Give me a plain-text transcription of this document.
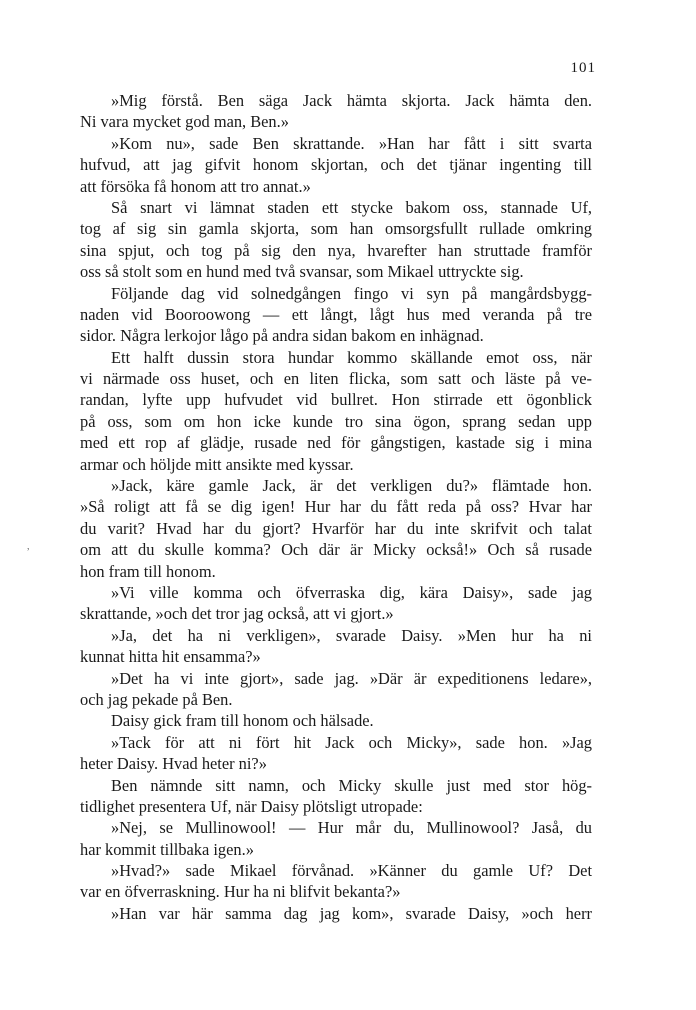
101
,
»Mig förstå. Ben säga Jack hämta skjorta. Jack hämta den.
Ni vara mycket god man, Ben.»
»Kom nu», sade Ben skrattande. »Han har fått i sitt svarta
hufvud, att jag gifvit honom skjortan, och det tjänar ingenting till
att försöka få honom att tro annat.»
Så snart vi lämnat staden ett stycke bakom oss, stannade Uf,
tog af sig sin gamla skjorta, som han omsorgsfullt rullade omkring
sina spjut, och tog på sig den nya, hvarefter han struttade framför
oss så stolt som en hund med två svansar, som Mikael uttryckte sig.
Följande dag vid solnedgången fingo vi syn på mangårdsbygg-
naden vid Booroowong — ett långt, lågt hus med veranda på tre
sidor. Några lerkojor lågo på andra sidan bakom en inhägnad.
Ett halft dussin stora hundar kommo skällande emot oss, när
vi närmade oss huset, och en liten flicka, som satt och läste på ve-
randan, lyfte upp hufvudet vid bullret. Hon stirrade ett ögonblick
på oss, som om hon icke kunde tro sina ögon, sprang sedan upp
med ett rop af glädje, rusade ned för gångstigen, kastade sig i mina
armar och höljde mitt ansikte med kyssar.
»Jack, käre gamle Jack, är det verkligen du?» flämtade hon.
»Så roligt att få se dig igen! Hur har du fått reda på oss? Hvar har
du varit? Hvad har du gjort? Hvarför har du inte skrifvit och talat
om att du skulle komma? Och där är Micky också!» Och så rusade
hon fram till honom.
»Vi ville komma och öfverraska dig, kära Daisy», sade jag
skrattande, »och det tror jag också, att vi gjort.»
»Ja, det ha ni verkligen», svarade Daisy. »Men hur ha ni
kunnat hitta hit ensamma?»
»Det ha vi inte gjort», sade jag. »Där är expeditionens ledare»,
och jag pekade på Ben.
Daisy gick fram till honom och hälsade.
»Tack för att ni fört hit Jack och Micky», sade hon. »Jag
heter Daisy. Hvad heter ni?»
Ben nämnde sitt namn, och Micky skulle just med stor hög-
tidlighet presentera Uf, när Daisy plötsligt utropade:
»Nej, se Mullinowool! — Hur mår du, Mullinowool? Jaså, du
har kommit tillbaka igen.»
»Hvad?» sade Mikael förvånad. »Känner du gamle Uf? Det
var en öfverraskning. Hur ha ni blifvit bekanta?»
»Han var här samma dag jag kom», svarade Daisy, »och herr
